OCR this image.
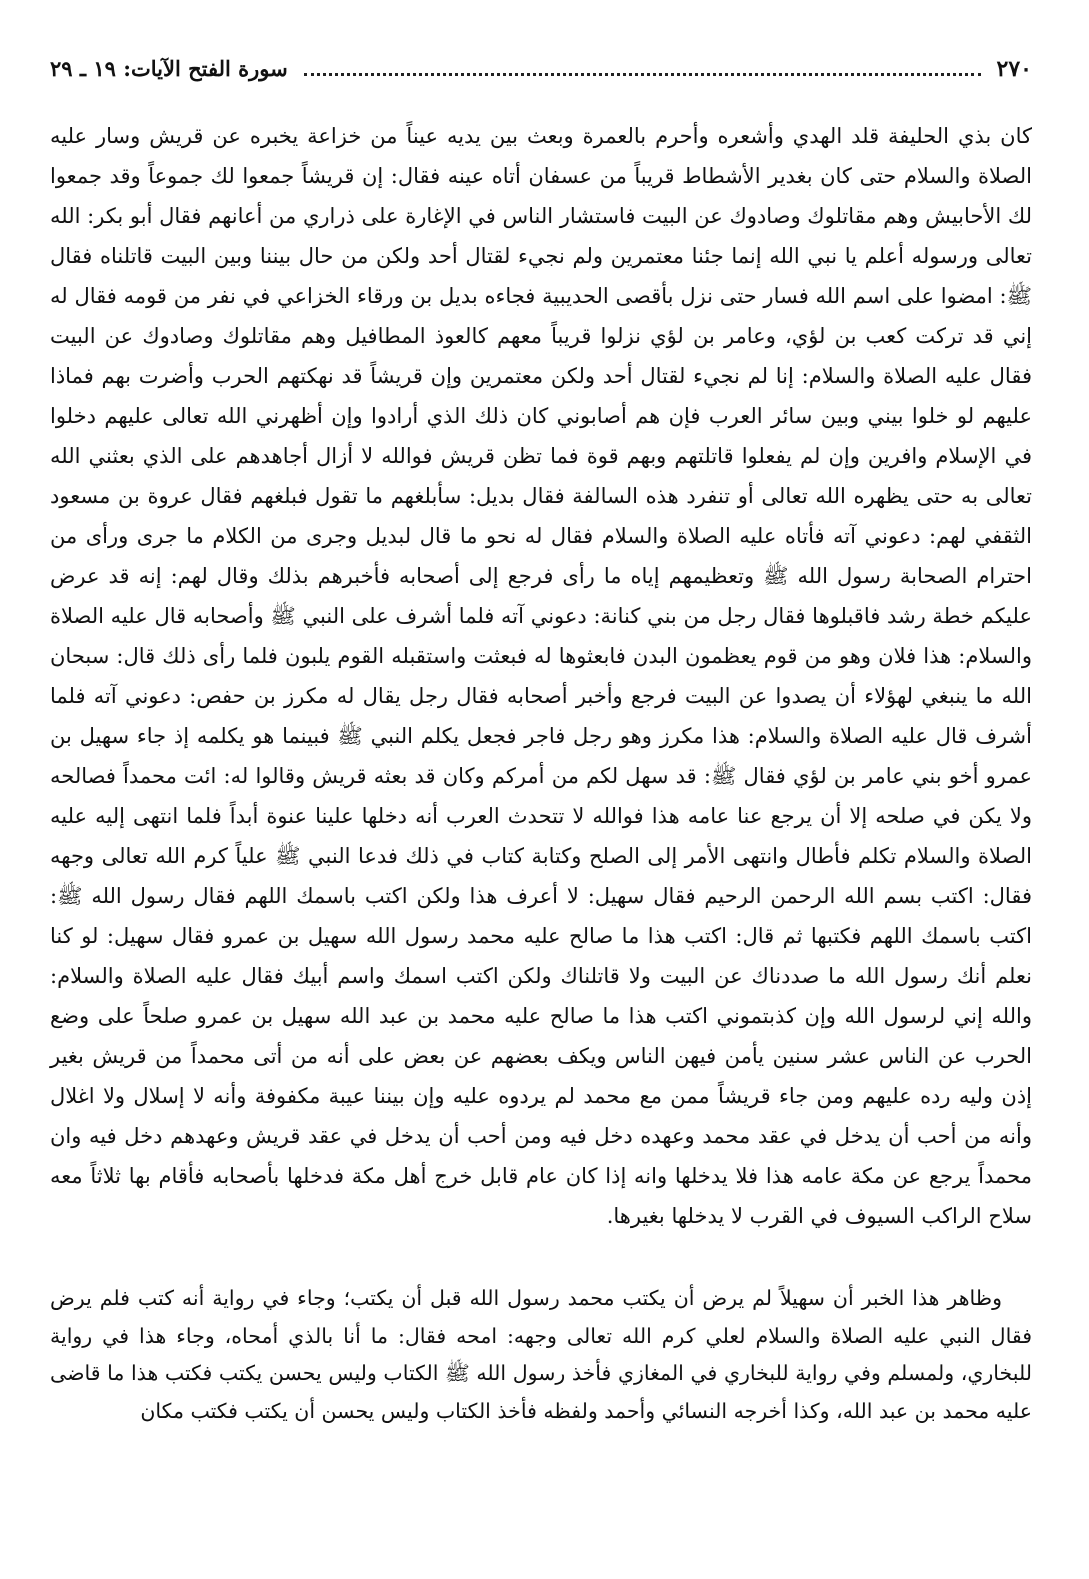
٢٧٠
سورة الفتح الآيات: ١٩ ـ ٢٩

كان بذي الحليفة قلد الهدي وأشعره وأحرم بالعمرة وبعث بين يديه عيناً من خزاعة يخبره عن قريش وسار عليه الصلاة والسلام حتى كان بغدير الأشطاط قريباً من عسفان أتاه عينه فقال: إن قريشاً جمعوا لك جموعاً وقد جمعوا لك الأحابيش وهم مقاتلوك وصادوك عن البيت فاستشار الناس في الإغارة على ذراري من أعانهم فقال أبو بكر: الله تعالى ورسوله أعلم يا نبي الله إنما جئنا معتمرين ولم نجيء لقتال أحد ولكن من حال بيننا وبين البيت قاتلناه فقال ﷺ: امضوا على اسم الله فسار حتى نزل بأقصى الحديبية فجاءه بديل بن ورقاء الخزاعي في نفر من قومه فقال له إني قد تركت كعب بن لؤي، وعامر بن لؤي نزلوا قريباً معهم كالعوذ المطافيل وهم مقاتلوك وصادوك عن البيت فقال عليه الصلاة والسلام: إنا لم نجيء لقتال أحد ولكن معتمرين وإن قريشاً قد نهكتهم الحرب وأضرت بهم فماذا عليهم لو خلوا بيني وبين سائر العرب فإن هم أصابوني كان ذلك الذي أرادوا وإن أظهرني الله تعالى عليهم دخلوا في الإسلام وافرين وإن لم يفعلوا قاتلتهم وبهم قوة فما تظن قريش فوالله لا أزال أجاهدهم على الذي بعثني الله تعالى به حتى يظهره الله تعالى أو تنفرد هذه السالفة فقال بديل: سأبلغهم ما تقول فبلغهم فقال عروة بن مسعود الثقفي لهم: دعوني آته فأتاه عليه الصلاة والسلام فقال له نحو ما قال لبديل وجرى من الكلام ما جرى ورأى من احترام الصحابة رسول الله ﷺ وتعظيمهم إياه ما رأى فرجع إلى أصحابه فأخبرهم بذلك وقال لهم: إنه قد عرض عليكم خطة رشد فاقبلوها فقال رجل من بني كنانة: دعوني آته فلما أشرف على النبي ﷺ وأصحابه قال عليه الصلاة والسلام: هذا فلان وهو من قوم يعظمون البدن فابعثوها له فبعثت واستقبله القوم يلبون فلما رأى ذلك قال: سبحان الله ما ينبغي لهؤلاء أن يصدوا عن البيت فرجع وأخبر أصحابه فقال رجل يقال له مكرز بن حفص: دعوني آته فلما أشرف قال عليه الصلاة والسلام: هذا مكرز وهو رجل فاجر فجعل يكلم النبي ﷺ فبينما هو يكلمه إذ جاء سهيل بن عمرو أخو بني عامر بن لؤي فقال ﷺ: قد سهل لكم من أمركم وكان قد بعثه قريش وقالوا له: ائت محمداً فصالحه ولا يكن في صلحه إلا أن يرجع عنا عامه هذا فوالله لا تتحدث العرب أنه دخلها علينا عنوة أبداً فلما انتهى إليه عليه الصلاة والسلام تكلم فأطال وانتهى الأمر إلى الصلح وكتابة كتاب في ذلك فدعا النبي ﷺ علياً كرم الله تعالى وجهه فقال: اكتب بسم الله الرحمن الرحيم فقال سهيل: لا أعرف هذا ولكن اكتب باسمك اللهم فقال رسول الله ﷺ: اكتب باسمك اللهم فكتبها ثم قال: اكتب هذا ما صالح عليه محمد رسول الله سهيل بن عمرو فقال سهيل: لو كنا نعلم أنك رسول الله ما صددناك عن البيت ولا قاتلناك ولكن اكتب اسمك واسم أبيك فقال عليه الصلاة والسلام: والله إني لرسول الله وإن كذبتموني اكتب هذا ما صالح عليه محمد بن عبد الله سهيل بن عمرو صلحاً على وضع الحرب عن الناس عشر سنين يأمن فيهن الناس ويكف بعضهم عن بعض على أنه من أتى محمداً من قريش بغير إذن وليه رده عليهم ومن جاء قريشاً ممن مع محمد لم يردوه عليه وإن بيننا عيبة مكفوفة وأنه لا إسلال ولا اغلال وأنه من أحب أن يدخل في عقد محمد وعهده دخل فيه ومن أحب أن يدخل في عقد قريش وعهدهم دخل فيه وان محمداً يرجع عن مكة عامه هذا فلا يدخلها وانه إذا كان عام قابل خرج أهل مكة فدخلها بأصحابه فأقام بها ثلاثاً معه سلاح الراكب السيوف في القرب لا يدخلها بغيرها.

وظاهر هذا الخبر أن سهيلاً لم يرض أن يكتب محمد رسول الله قبل أن يكتب؛ وجاء في رواية أنه كتب فلم يرض فقال النبي عليه الصلاة والسلام لعلي كرم الله تعالى وجهه: امحه فقال: ما أنا بالذي أمحاه، وجاء هذا في رواية للبخاري، ولمسلم وفي رواية للبخاري في المغازي فأخذ رسول الله ﷺ الكتاب وليس يحسن يكتب فكتب هذا ما قاضى عليه محمد بن عبد الله، وكذا أخرجه النسائي وأحمد ولفظه فأخذ الكتاب وليس يحسن أن يكتب فكتب مكان
